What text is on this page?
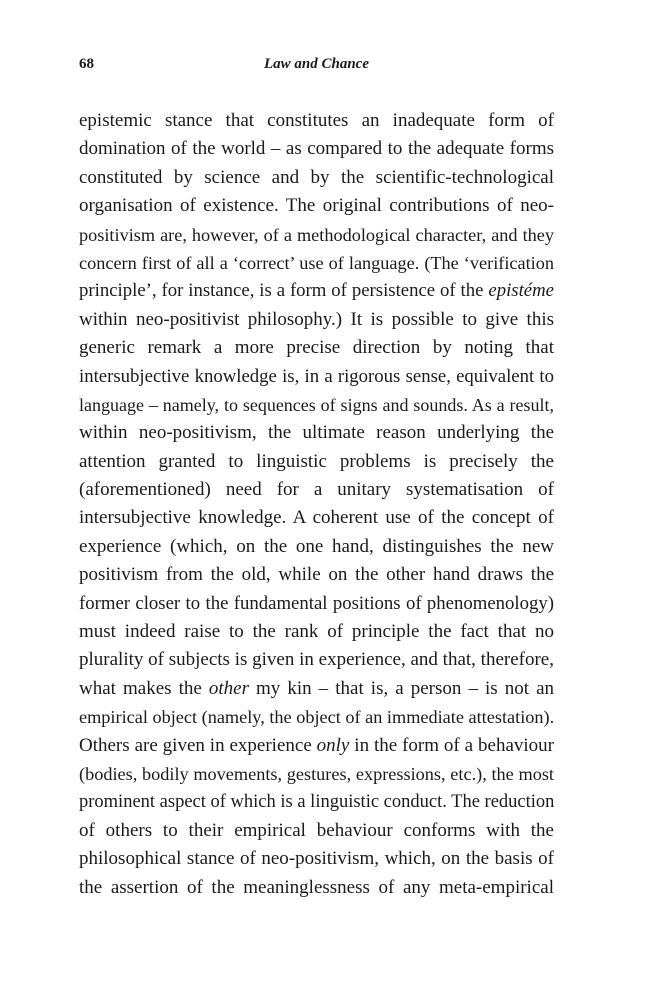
68	Law and Chance
epistemic stance that constitutes an inadequate form of
domination of the world – as compared to the adequate forms
constituted by science and by the scientific-technological
organisation of existence. The original contributions of neo-
positivism are, however, of a methodological character, and they
concern first of all a ‘correct’ use of language. (The ‘verification
principle’, for instance, is a form of persistence of the epistéme
within neo-positivist philosophy.) It is possible to give this
generic remark a more precise direction by noting that
intersubjective knowledge is, in a rigorous sense, equivalent to
language – namely, to sequences of signs and sounds. As a result,
within neo-positivism, the ultimate reason underlying the
attention granted to linguistic problems is precisely the
(aforementioned) need for a unitary systematisation of
intersubjective knowledge. A coherent use of the concept of
experience (which, on the one hand, distinguishes the new
positivism from the old, while on the other hand draws the
former closer to the fundamental positions of phenomenology)
must indeed raise to the rank of principle the fact that no
plurality of subjects is given in experience, and that, therefore,
what makes the other my kin – that is, a person – is not an
empirical object (namely, the object of an immediate attestation).
Others are given in experience only in the form of a behaviour
(bodies, bodily movements, gestures, expressions, etc.), the most
prominent aspect of which is a linguistic conduct. The reduction
of others to their empirical behaviour conforms with the
philosophical stance of neo-positivism, which, on the basis of
the assertion of the meaninglessness of any meta-empirical
